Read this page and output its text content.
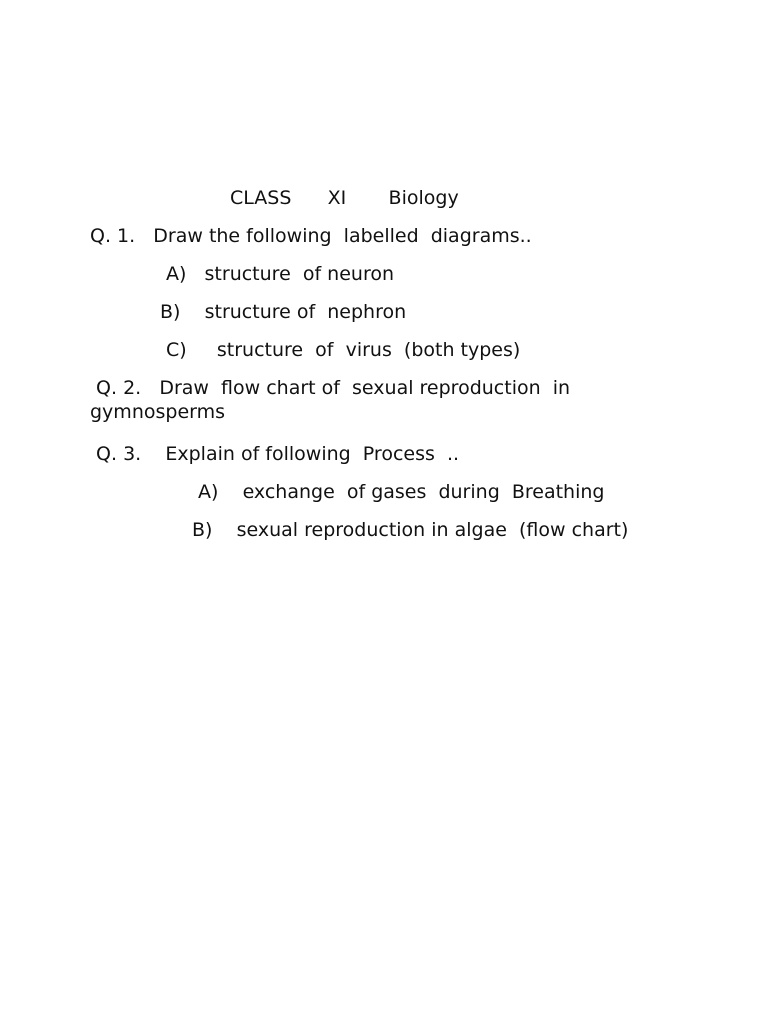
CLASS      XI       Biology
Q. 1.   Draw the following  labelled  diagrams..
A)   structure  of neuron
B)    structure of  nephron
C)     structure  of  virus  (both types)
Q. 2.   Draw  flow chart of  sexual reproduction  in
gymnosperms
Q. 3.    Explain of following  Process  ..
A)    exchange  of gases  during  Breathing
B)    sexual reproduction in algae  (flow chart)
